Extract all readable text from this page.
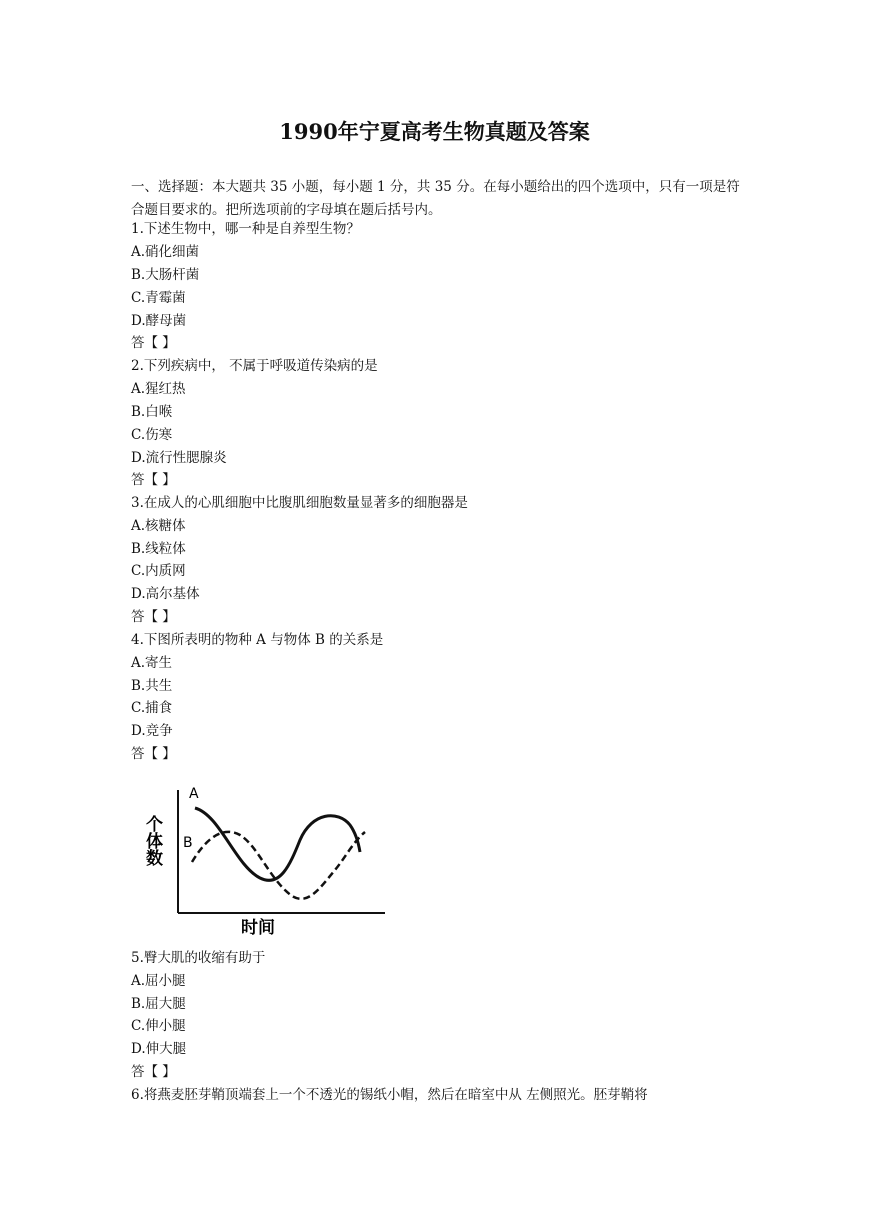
1990年宁夏高考生物真题及答案

一、选择题：本大题共 35 小题，每小题 1 分，共 35 分。在每小题给出的四个选项中，只有一项是符合题目要求的。把所选项前的字母填在题后括号内。

1.下述生物中，哪一种是自养型生物？
A.硝化细菌
B.大肠杆菌
C.青霉菌
D.酵母菌
答【 】
2.下列疾病中， 不属于呼吸道传染病的是
A.猩红热
B.白喉
C.伤寒
D.流行性腮腺炎
答【 】
3.在成人的心肌细胞中比腹肌细胞数量显著多的细胞器是
A.核糖体
B.线粒体
C.内质网
D.高尔基体
答【 】
4.下图所表明的物种 A 与物体 B 的关系是
A.寄生
B.共生
C.捕食
D.竞争
答【 】
A
B
个体数
时间
5.臀大肌的收缩有助于
A.屈小腿
B.屈大腿
C.伸小腿
D.伸大腿
答【 】
6.将燕麦胚芽鞘顶端套上一个不透光的锡纸小帽，然后在暗室中从 左侧照光。胚芽鞘将
